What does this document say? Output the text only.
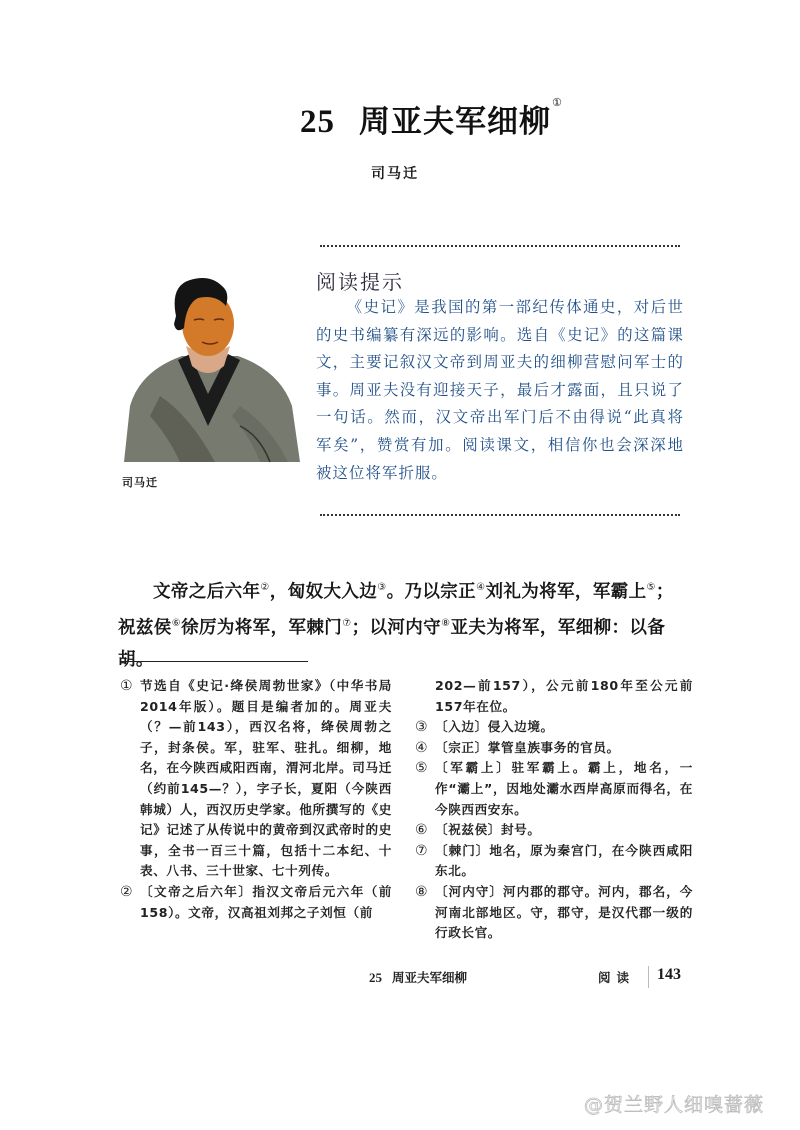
25 周亚夫军细柳①
司马迁
司马迁
阅读提示

《史记》是我国的第一部纪传体通史，对后世的史书编纂有深远的影响。选自《史记》的这篇课文，主要记叙汉文帝到周亚夫的细柳营慰问军士的事。周亚夫没有迎接天子，最后才露面，且只说了一句话。然而，汉文帝出军门后不由得说“此真将军矣”，赞赏有加。阅读课文，相信你也会深深地被这位将军折服。

文帝之后六年②，匈奴大入边③。乃以宗正④刘礼为将军，军霸上⑤；祝兹侯⑥徐厉为将军，军棘门⑦；以河内守⑧亚夫为将军，军细柳：以备胡。

① 节选自《史记·绛侯周勃世家》（中华书局2014年版）。题目是编者加的。周亚夫（？—前143），西汉名将，绛侯周勃之子，封条侯。军，驻军、驻扎。细柳，地名，在今陕西咸阳西南，渭河北岸。司马迁（约前145—？），字子长，夏阳（今陕西韩城）人，西汉历史学家。他所撰写的《史记》记述了从传说中的黄帝到汉武帝时的史事，全书一百三十篇，包括十二本纪、十表、八书、三十世家、七十列传。
② 〔文帝之后六年〕指汉文帝后元六年（前158）。文帝，汉高祖刘邦之子刘恒（前
202—前157），公元前180年至公元前157年在位。
③ 〔入边〕侵入边境。
④ 〔宗正〕掌管皇族事务的官员。
⑤ 〔军霸上〕驻军霸上。霸上，地名，一作“灞上”，因地处灞水西岸高原而得名，在今陕西西安东。
⑥ 〔祝兹侯〕封号。
⑦ 〔棘门〕地名，原为秦宫门，在今陕西咸阳东北。
⑧ 〔河内守〕河内郡的郡守。河内，郡名，今河南北部地区。守，郡守，是汉代郡一级的行政长官。
25 周亚夫军细柳	阅读 143
@贺兰野人细嗅蔷薇
